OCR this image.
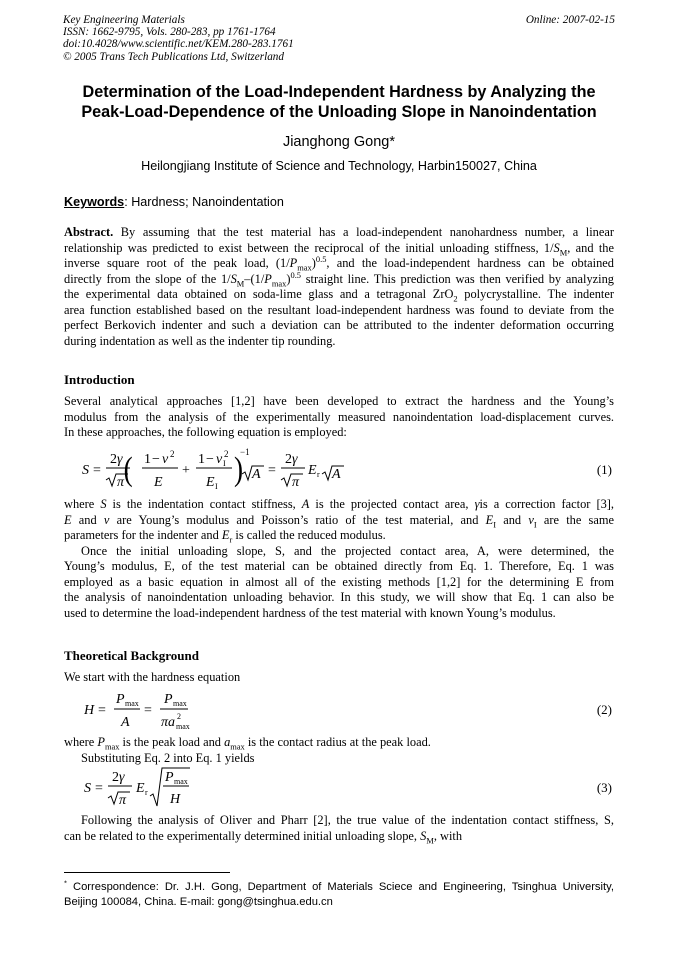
Key Engineering Materials
ISSN: 1662-9795, Vols. 280-283, pp 1761-1764
doi:10.4028/www.scientific.net/KEM.280-283.1761
© 2005 Trans Tech Publications Ltd, Switzerland
Online: 2007-02-15
Determination of the Load-Independent Hardness by Analyzing the
Peak-Load-Dependence of the Unloading Slope in Nanoindentation
Jianghong Gong*
Heilongjiang Institute of Science and Technology, Harbin150027, China
Keywords: Hardness; Nanoindentation
Abstract. By assuming that the test material has a load-independent nanohardness number, a linear
relationship was predicted to exist between the reciprocal of the initial unloading stiffness, $1/S_M$, and the
inverse square root of the peak load, $(1/P_{max})^{0.5}$, and the load-independent hardness can be obtained
directly from the slope of the $1/S_M-(1/P_{max})^{0.5}$ straight line. This prediction was then verified by analyzing
the experimental data obtained on soda-lime glass and a tetragonal ZrO$_2$ polycrystalline. The indenter
area function established based on the resultant load-independent hardness was found to deviate from the
perfect Berkovich indenter and such a deviation can be attributed to the indenter deformation occurring
during indentation as well as the indenter tip rounding.
Introduction
Several analytical approaches [1,2] have been developed to extract the hardness and the Young’s
modulus from the analysis of the experimentally measured nanoindentation load-displacement curves.
In these approaches, the following equation is employed:
S =
2 γ
π ( 1 − ν 2
E
+
1 − ν 2
I
E I )
−1
A =
2 γ
π
E r A	(1)
where S is the indentation contact stiffness, A is the projected contact area, γis a correction factor [3],
E and ν are Young’s modulus and Poisson’s ratio of the test material, and $E_I$ and $\nu_I$ are the same
parameters for the indenter and $E_r$ is called the reduced modulus.
Once the initial unloading slope, S, and the projected contact area, A, were determined, the
Young’s modulus, E, of the test material can be obtained directly from Eq. 1. Therefore, Eq. 1 was
employed as a basic equation in almost all of the existing methods [1,2] for the determining E from
the analysis of nanoindentation unloading behavior. In this study, we will show that Eq. 1 can also be
used to determine the load-independent hardness of the test material with known Young’s modulus.
Theoretical Background
We start with the hardness equation
H =
P max
A
=
P max
πa 2
max
(2)
where $P_{max}$ is the peak load and $a_{max}$ is the contact radius at the peak load.
Substituting Eq. 2 into Eq. 1 yields
S =
2 γ
π
E r
P max
H
(3)
Following the analysis of Oliver and Pharr [2], the true value of the indentation contact stiffness, S,
can be related to the experimentally determined initial unloading slope, $S_M$, with
* Correspondence: Dr. J.H. Gong, Department of Materials Sciece and Engineering, Tsinghua University,
Beijing 100084, China. E-mail: gong@tsinghua.edu.cn
